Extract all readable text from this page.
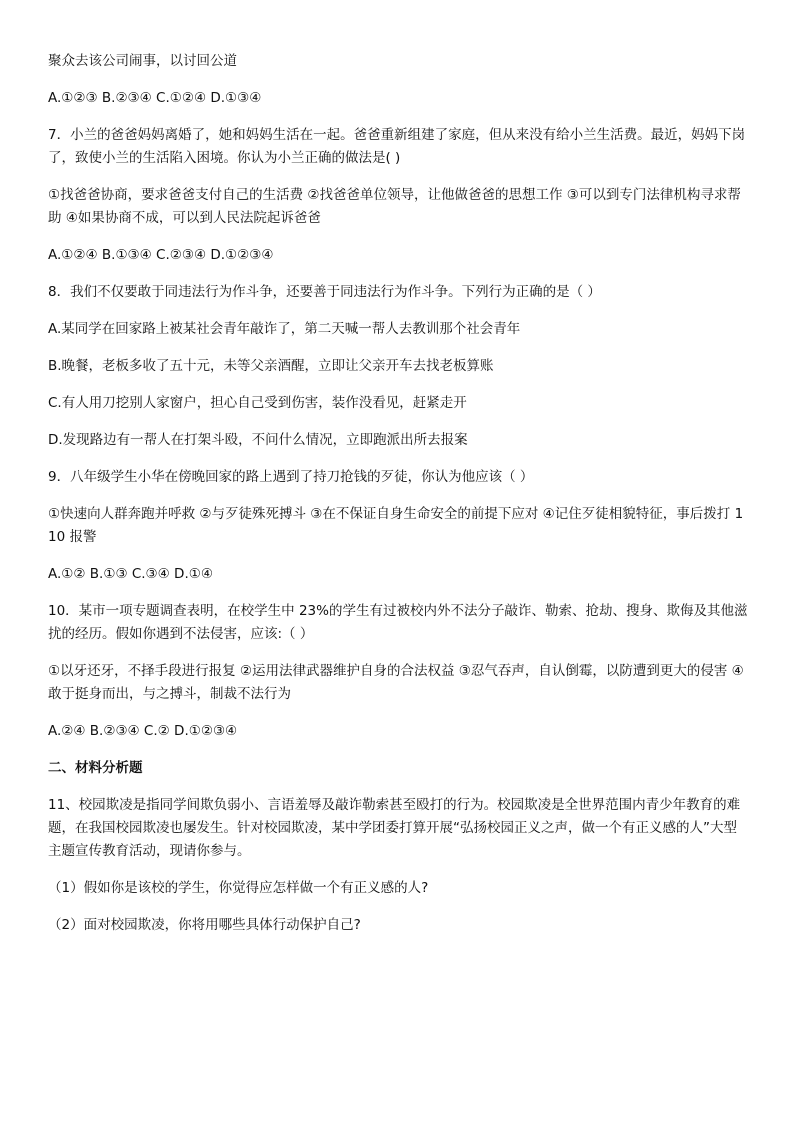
聚众去该公司闹事，以讨回公道

A.①②③ B.②③④ C.①②④ D.①③④

7．小兰的爸爸妈妈离婚了，她和妈妈生活在一起。爸爸重新组建了家庭，但从来没有给小兰生活费。最近，妈妈下岗了，致使小兰的生活陷入困境。你认为小兰正确的做法是( )

①找爸爸协商，要求爸爸支付自己的生活费 ②找爸爸单位领导，让他做爸爸的思想工作 ③可以到专门法律机构寻求帮助 ④如果协商不成，可以到人民法院起诉爸爸

A.①②④ B.①③④ C.②③④ D.①②③④

8．我们不仅要敢于同违法行为作斗争，还要善于同违法行为作斗争。下列行为正确的是（ ）

A.某同学在回家路上被某社会青年敲诈了，第二天喊一帮人去教训那个社会青年

B.晚餐，老板多收了五十元，未等父亲酒醒，立即让父亲开车去找老板算账

C.有人用刀挖别人家窗户，担心自己受到伤害，装作没看见，赶紧走开

D.发现路边有一帮人在打架斗殴，不问什么情况，立即跑派出所去报案

9．八年级学生小华在傍晚回家的路上遇到了持刀抢钱的歹徒，你认为他应该（ ）

①快速向人群奔跑并呼救 ②与歹徒殊死搏斗 ③在不保证自身生命安全的前提下应对 ④记住歹徒相貌特征，事后拨打 110 报警

A.①② B.①③ C.③④ D.①④

10．某市一项专题调查表明，在校学生中 23%的学生有过被校内外不法分子敲诈、勒索、抢劫、搜身、欺侮及其他滋扰的经历。假如你遇到不法侵害，应该:（ ）

①以牙还牙，不择手段进行报复 ②运用法律武器维护自身的合法权益 ③忍气吞声，自认倒霉，以防遭到更大的侵害 ④敢于挺身而出，与之搏斗，制裁不法行为

A.②④ B.②③④ C.② D.①②③④

二、材料分析题

11、校园欺凌是指同学间欺负弱小、言语羞辱及敲诈勒索甚至殴打的行为。校园欺凌是全世界范围内青少年教育的难题，在我国校园欺凌也屡发生。针对校园欺凌，某中学团委打算开展“弘扬校园正义之声，做一个有正义感的人”大型主题宣传教育活动，现请你参与。

（1）假如你是该校的学生，你觉得应怎样做一个有正义感的人?

（2）面对校园欺凌，你将用哪些具体行动保护自己?
